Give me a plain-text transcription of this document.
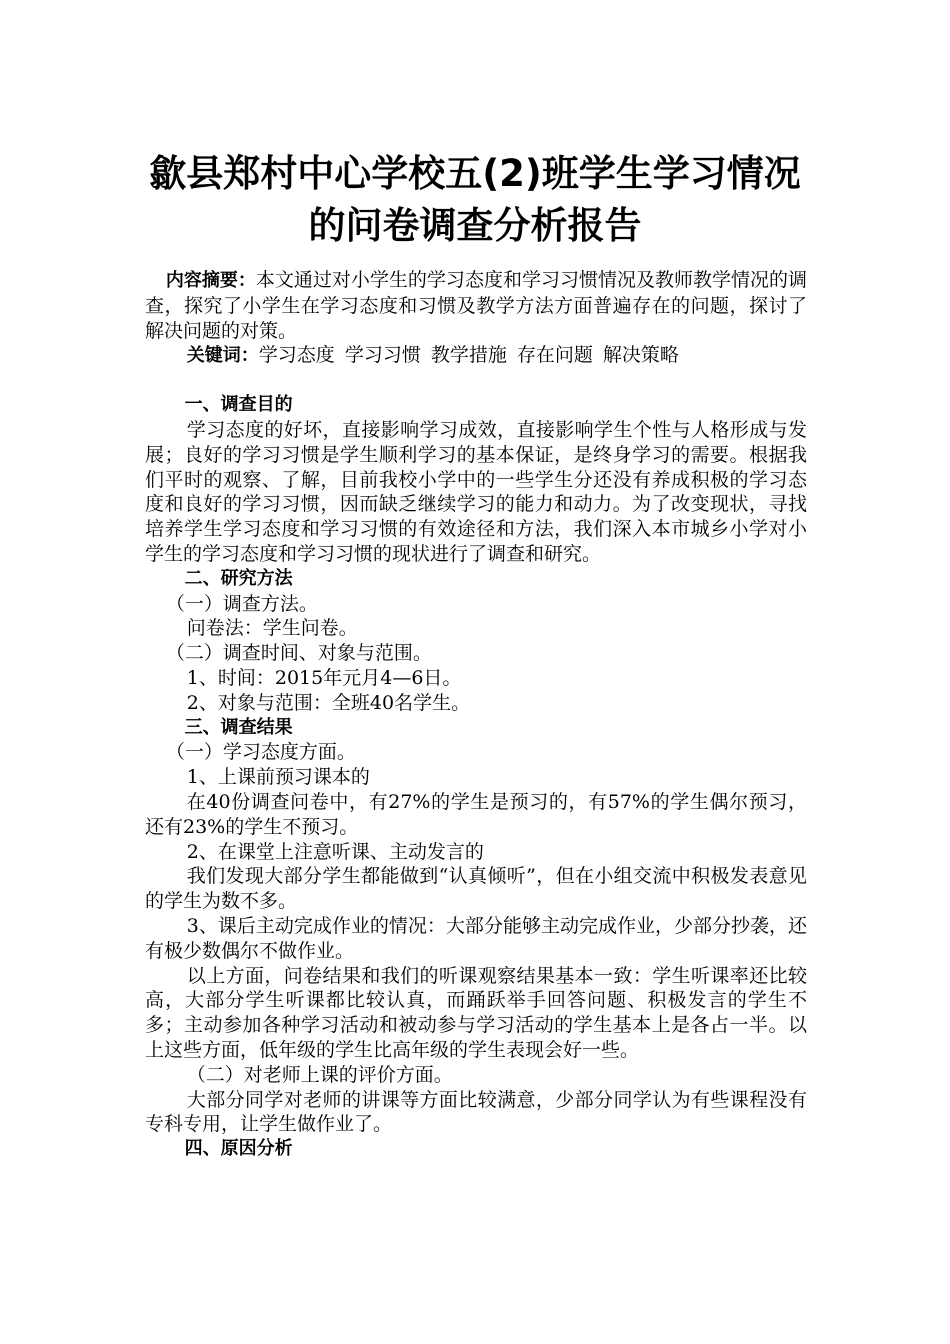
歙县郑村中心学校五(2)班学生学习情况的问卷调查分析报告

内容摘要：本文通过对小学生的学习态度和学习习惯情况及教师教学情况的调查，探究了小学生在学习态度和习惯及教学方法方面普遍存在的问题，探讨了解决问题的对策。

关键词：学习态度 学习习惯 教学措施 存在问题 解决策略

一、调查目的

学习态度的好坏，直接影响学习成效，直接影响学生个性与人格形成与发展；良好的学习习惯是学生顺利学习的基本保证，是终身学习的需要。根据我们平时的观察、了解，目前我校小学中的一些学生分还没有养成积极的学习态度和良好的学习习惯，因而缺乏继续学习的能力和动力。为了改变现状，寻找培养学生学习态度和学习习惯的有效途径和方法，我们深入本市城乡小学对小学生的学习态度和学习习惯的现状进行了调查和研究。

二、研究方法

（一）调查方法。

问卷法：学生问卷。

（二）调查时间、对象与范围。

1、时间：2015年元月4—6日。

2、对象与范围：全班40名学生。

三、调查结果

（一）学习态度方面。

1、上课前预习课本的

在40份调查问卷中，有27%的学生是预习的，有57%的学生偶尔预习，还有23%的学生不预习。

2、在课堂上注意听课、主动发言的

我们发现大部分学生都能做到“认真倾听”，但在小组交流中积极发表意见的学生为数不多。

3、课后主动完成作业的情况：大部分能够主动完成作业，少部分抄袭，还有极少数偶尔不做作业。

以上方面，问卷结果和我们的听课观察结果基本一致：学生听课率还比较高，大部分学生听课都比较认真，而踊跃举手回答问题、积极发言的学生不多；主动参加各种学习活动和被动参与学习活动的学生基本上是各占一半。以上这些方面，低年级的学生比高年级的学生表现会好一些。

（二）对老师上课的评价方面。

大部分同学对老师的讲课等方面比较满意，少部分同学认为有些课程没有专科专用，让学生做作业了。

四、原因分析
